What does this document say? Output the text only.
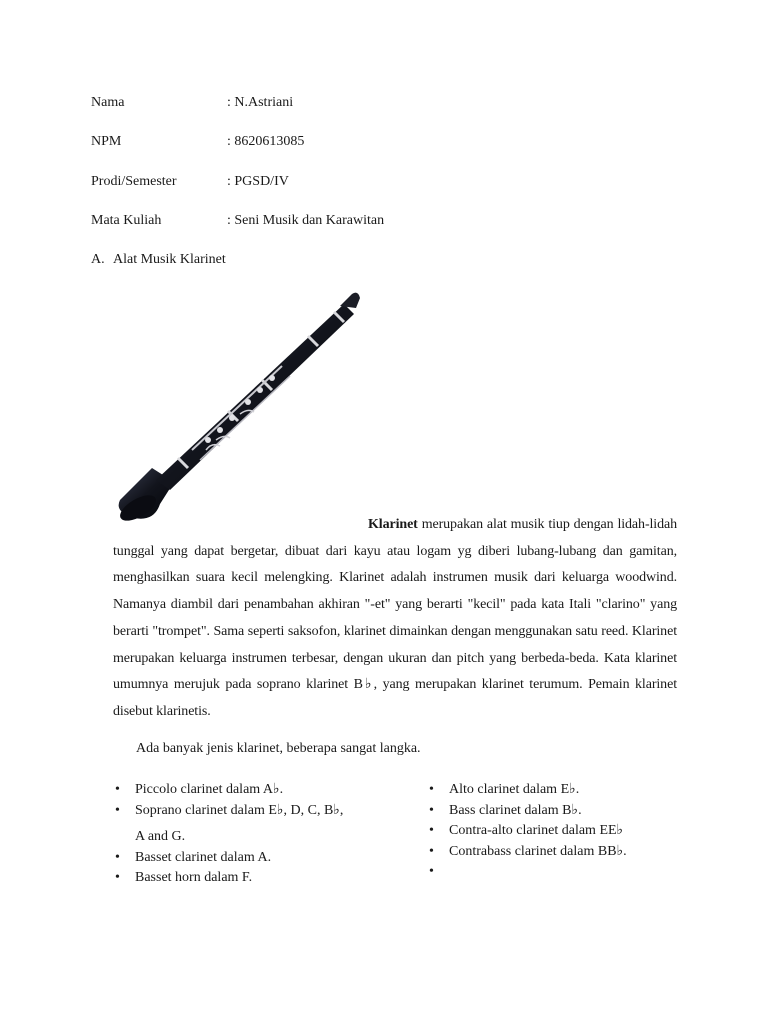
Nama	: N.Astriani
NPM	: 8620613085
Prodi/Semester	: PGSD/IV
Mata Kuliah	: Seni Musik dan Karawitan
A. Alat Musik Klarinet
Klarinet merupakan alat musik tiup dengan lidah-lidah tunggal yang dapat bergetar, dibuat dari kayu atau logam yg diberi lubang-lubang dan gamitan, menghasilkan suara kecil melengking. Klarinet adalah instrumen musik dari keluarga woodwind. Namanya diambil dari penambahan akhiran "-et" yang berarti "kecil" pada kata Itali "clarino" yang berarti "trompet". Sama seperti saksofon, klarinet dimainkan dengan menggunakan satu reed. Klarinet merupakan keluarga instrumen terbesar, dengan ukuran dan pitch yang berbeda-beda. Kata klarinet umumnya merujuk pada soprano klarinet B♭, yang merupakan klarinet terumum. Pemain klarinet disebut klarinetis.
Ada banyak jenis klarinet, beberapa sangat langka.
• Piccolo clarinet dalam A♭.
• Soprano clarinet dalam E♭, D, C, B♭,
A and G.
• Basset clarinet dalam A.
• Basset horn dalam F.
• Alto clarinet dalam E♭.
• Bass clarinet dalam B♭.
• Contra-alto clarinet dalam EE♭
• Contrabass clarinet dalam BB♭.
•
